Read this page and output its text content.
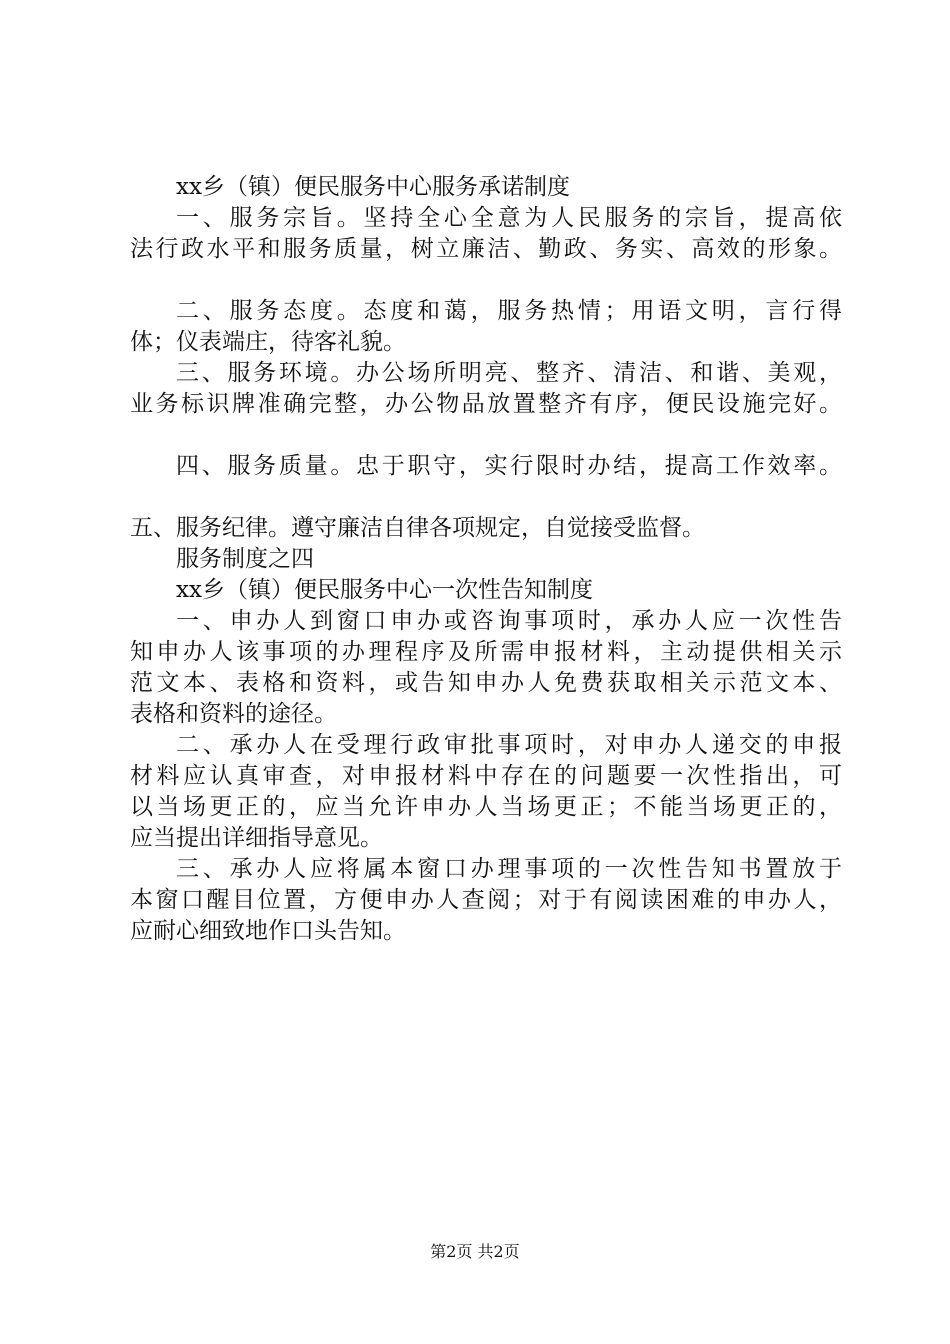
xx乡（镇）便民服务中心服务承诺制度
一、服务宗旨。坚持全心全意为人民服务的宗旨，提高依
法行政水平和服务质量，树立廉洁、勤政、务实、高效的形象。
二、服务态度。态度和蔼，服务热情；用语文明，言行得
体；仪表端庄，待客礼貌。
三、服务环境。办公场所明亮、整齐、清洁、和谐、美观，
业务标识牌准确完整，办公物品放置整齐有序，便民设施完好。
四、服务质量。忠于职守，实行限时办结，提高工作效率。
五、服务纪律。遵守廉洁自律各项规定，自觉接受监督。
服务制度之四
xx乡（镇）便民服务中心一次性告知制度
一、申办人到窗口申办或咨询事项时，承办人应一次性告
知申办人该事项的办理程序及所需申报材料，主动提供相关示
范文本、表格和资料，或告知申办人免费获取相关示范文本、
表格和资料的途径。
二、承办人在受理行政审批事项时，对申办人递交的申报
材料应认真审查，对申报材料中存在的问题要一次性指出，可
以当场更正的，应当允许申办人当场更正；不能当场更正的，
应当提出详细指导意见。
三、承办人应将属本窗口办理事项的一次性告知书置放于
本窗口醒目位置，方便申办人查阅；对于有阅读困难的申办人，
应耐心细致地作口头告知。
第2页 共2页
